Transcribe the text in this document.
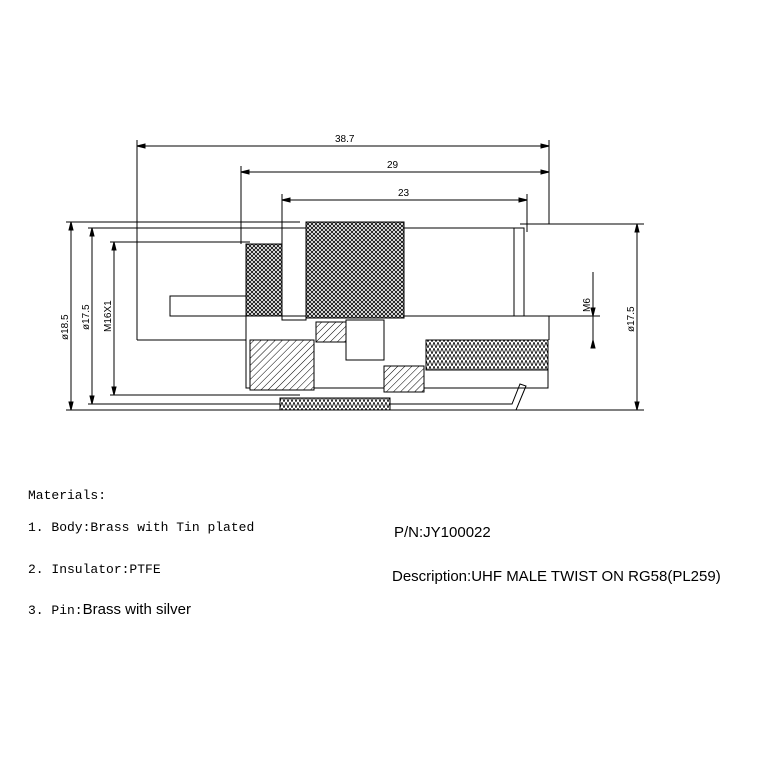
38.7
29
23
ø18.5 ø17.5 M16X1	M6
ø17.5
Materials:
1. Body:Brass with Tin plated
2. Insulator:PTFE
3. Pin:Brass with silver
P/N:JY100022
Description:UHF MALE TWIST ON RG58(PL259)
